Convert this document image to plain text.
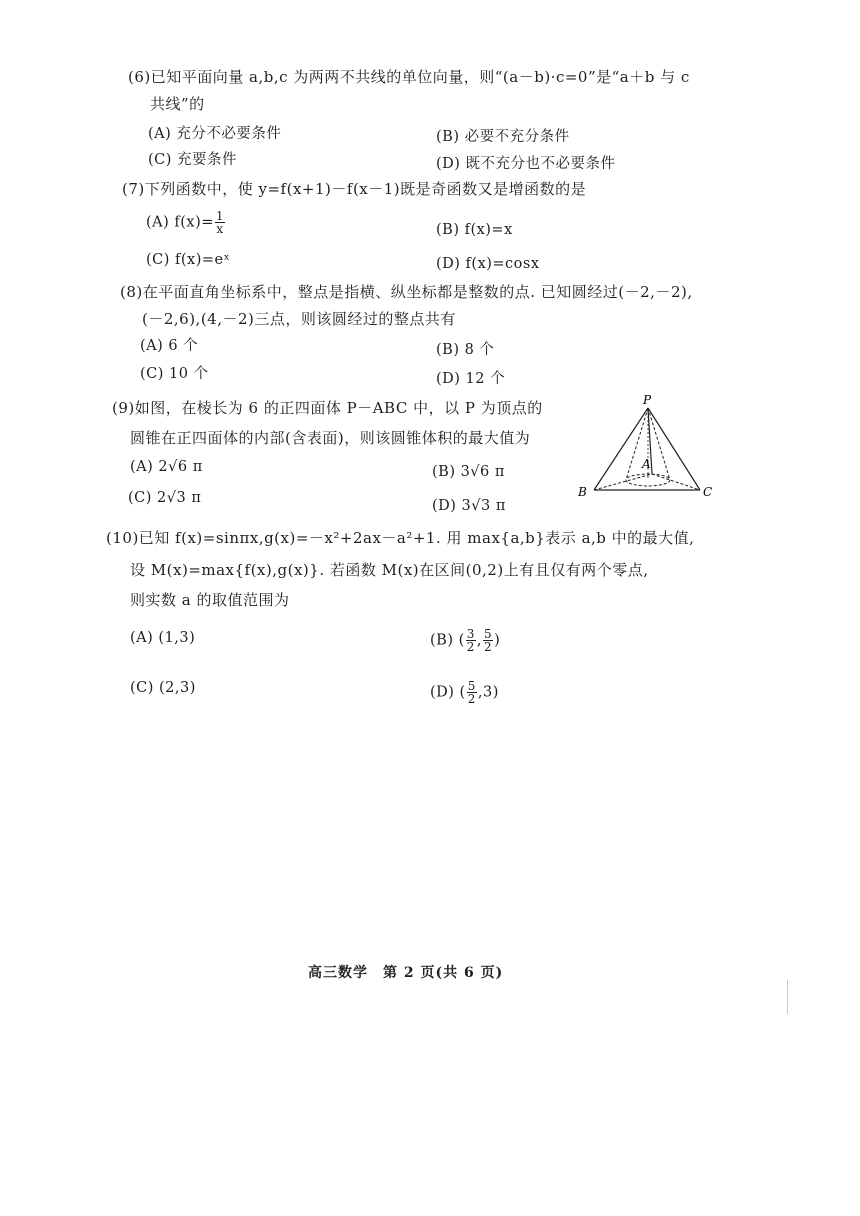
(6)已知平面向量 a,b,c 为两两不共线的单位向量，则“(a－b)·c=0”是“a＋b 与 c
共线”的
(A) 充分不必要条件	(B) 必要不充分条件
(C) 充要条件	(D) 既不充分也不必要条件
(7)下列函数中，使 y=f(x+1)－f(x－1)既是奇函数又是增函数的是
(A) $f(x)= \frac{1}{x}$	(B) f(x)=x
(C) f(x)=eˣ	(D) f(x)=cosx
(8)在平面直角坐标系中，整点是指横、纵坐标都是整数的点. 已知圆经过(－2,－2),
(－2,6),(4,－2)三点，则该圆经过的整点共有
(A) 6 个	(B) 8 个
(C) 10 个	(D) 12 个
(9)如图，在棱长为 6 的正四面体 P－ABC 中，以 P 为顶点的
圆锥在正四面体的内部(含表面)，则该圆锥体积的最大值为
(A) 2√6 π	(B) 3√6 π
(C) 2√3 π	(D) 3√3 π
P
A
B	C
(10)已知 f(x)=sinπx,g(x)=－x²+2ax－a²+1. 用 max{a,b}表示 a,b 中的最大值,
设 M(x)=max{f(x),g(x)}. 若函数 M(x)在区间(0,2)上有且仅有两个零点,
则实数 a 的取值范围为
(A) (1,3)	(B) ( $\frac{3}{2}$ , $\frac{5}{2}$ )
(C) (2,3)	(D) ( $\frac{5}{2} ,3$)
高三数学　第 2 页(共 6 页)
